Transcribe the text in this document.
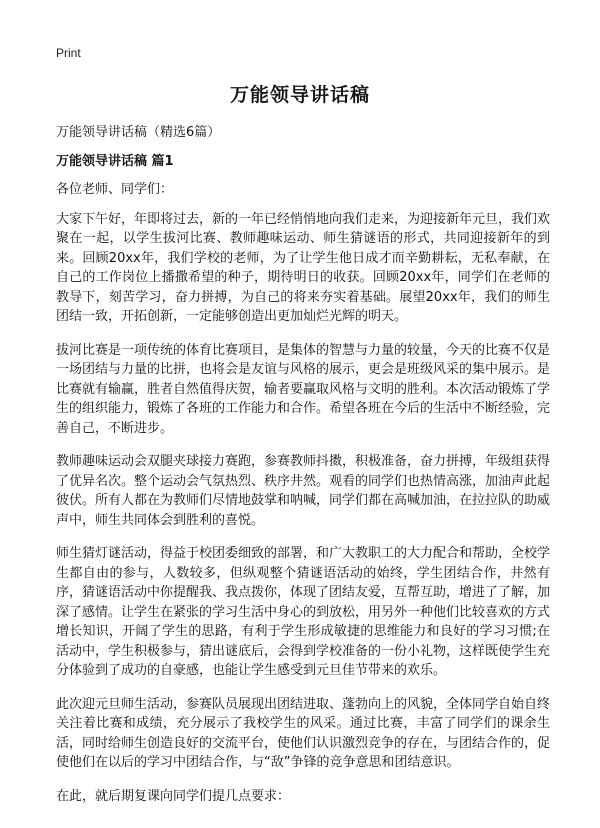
Print
万能领导讲话稿
万能领导讲话稿（精选6篇）
万能领导讲话稿 篇1

各位老师、同学们：

大家下午好，年即将过去，新的一年已经悄悄地向我们走来，为迎接新年元旦，我们欢聚在一起，以学生拔河比赛、教师趣味运动、师生猜谜语的形式，共同迎接新年的到来。回顾20xx年，我们学校的老师，为了让学生他日成才而辛勤耕耘，无私奉献，在自己的工作岗位上播撒希望的种子，期待明日的收获。回顾20xx年，同学们在老师的教导下，刻苦学习，奋力拼搏，为自己的将来夯实着基础。展望20xx年，我们的师生团结一致，开拓创新，一定能够创造出更加灿烂光辉的明天。

拔河比赛是一项传统的体育比赛项目，是集体的智慧与力量的较量，今天的比赛不仅是一场团结与力量的比拼，也将会是友谊与风格的展示，更会是班级风采的集中展示。是比赛就有输赢，胜者自然值得庆贺，输者要赢取风格与文明的胜利。本次活动锻炼了学生的组织能力，锻炼了各班的工作能力和合作。希望各班在今后的生活中不断经验，完善自己，不断进步。

教师趣味运动会双腿夹球接力赛跑，参赛教师抖擞，积极准备，奋力拼搏，年级组获得了优异名次。整个运动会气氛热烈、秩序井然。观看的同学们也热情高涨，加油声此起彼伏。所有人都在为教师们尽情地鼓掌和呐喊，同学们都在高喊加油，在拉拉队的助威声中，师生共同体会到胜利的喜悦。

师生猜灯谜活动，得益于校团委细致的部署，和广大教职工的大力配合和帮助，全校学生都自由的参与，人数较多，但纵观整个猜谜语活动的始终，学生团结合作，井然有序，猜谜语活动中你提醒我、我点拨你，体现了团结友爱，互帮互助，增进了了解，加深了感情。让学生在紧张的学习生活中身心的到放松，用另外一种他们比较喜欢的方式增长知识，开阔了学生的思路，有利于学生形成敏捷的思维能力和良好的学习习惯;在活动中，学生积极参与，猜出谜底后，会得到学校准备的一份小礼物，这样既使学生充分体验到了成功的自豪感，也能让学生感受到元旦佳节带来的欢乐。

此次迎元旦师生活动，参赛队员展现出团结进取、蓬勃向上的风貌，全体同学自始自终关注着比赛和成绩，充分展示了我校学生的风采。通过比赛，丰富了同学们的课余生活，同时给师生创造良好的交流平台，使他们认识激烈竞争的存在，与团结合作的，促使他们在以后的学习中团结合作，与“敌”争锋的竞争意思和团结意识。

在此，就后期复课向同学们提几点要求：
